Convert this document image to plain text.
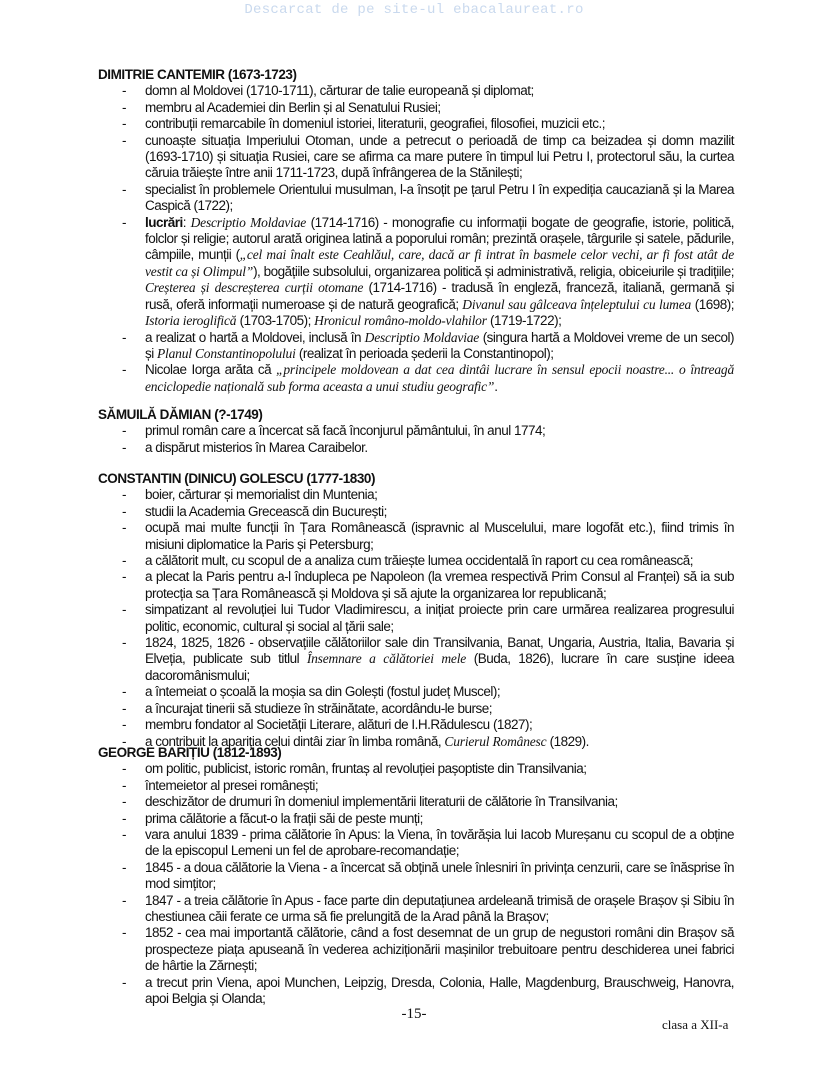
Descarcat de pe site-ul ebacalaureat.ro
DIMITRIE CANTEMIR (1673-1723)
- domn al Moldovei (1710-1711), cărturar de talie europeană și diplomat;
- membru al Academiei din Berlin și al Senatului Rusiei;
- contribuții remarcabile în domeniul istoriei, literaturii, geografiei, filosofiei, muzicii etc.;
- cunoaște situația Imperiului Otoman, unde a petrecut o perioadă de timp ca beizadea și domn mazilit (1693-1710) și situația Rusiei, care se afirma ca mare putere în timpul lui Petru I, protectorul său, la curtea căruia trăiește între anii 1711-1723, după înfrângerea de la Stănilești;
- specialist în problemele Orientului musulman, l-a însoțit pe țarul Petru I în expediția caucaziană și la Marea Caspică (1722);
- lucrări: Descriptio Moldaviae (1714-1716) - monografie cu informații bogate de geografie, istorie, politică, folclor și religie; autorul arată originea latină a poporului român; prezintă orașele, târgurile și satele, pădurile, câmpiile, munții („cel mai înalt este Ceahlăul, care, dacă ar fi intrat în basmele celor vechi, ar fi fost atât de vestit ca și Olimpul”), bogățiile subsolului, organizarea politică și administrativă, religia, obiceiurile și tradițiile; Creșterea și descreșterea curții otomane (1714-1716) - tradusă în engleză, franceză, italiană, germană și rusă, oferă informații numeroase și de natură geografică; Divanul sau gâlceava înțeleptului cu lumea (1698); Istoria ieroglifică (1703-1705); Hronicul româno-moldo-vlahilor (1719-1722);
- a realizat o hartă a Moldovei, inclusă în Descriptio Moldaviae (singura hartă a Moldovei vreme de un secol) și Planul Constantinopolului (realizat în perioada șederii la Constantinopol);
- Nicolae Iorga arăta că „principele moldovean a dat cea dintâi lucrare în sensul epocii noastre... o întreagă enciclopedie națională sub forma aceasta a unui studiu geografic”.
SĂMUILĂ DĂMIAN (?-1749)
- primul român care a încercat să facă înconjurul pământului, în anul 1774;
- a dispărut misterios în Marea Caraibelor.
CONSTANTIN (DINICU) GOLESCU (1777-1830)
- boier, cărturar și memorialist din Muntenia;
- studii la Academia Grecească din București;
- ocupă mai multe funcții în Țara Românească (ispravnic al Muscelului, mare logofăt etc.), fiind trimis în misiuni diplomatice la Paris și Petersburg;
- a călătorit mult, cu scopul de a analiza cum trăiește lumea occidentală în raport cu cea românească;
- a plecat la Paris pentru a-l îndupleca pe Napoleon (la vremea respectivă Prim Consul al Franței) să ia sub protecția sa Țara Românească și Moldova și să ajute la organizarea lor republicană;
- simpatizant al revoluției lui Tudor Vladimirescu, a inițiat proiecte prin care urmărea realizarea progresului politic, economic, cultural și social al țării sale;
- 1824, 1825, 1826 - observațiile călătoriilor sale din Transilvania, Banat, Ungaria, Austria, Italia, Bavaria și Elveția, publicate sub titlul Însemnare a călătoriei mele (Buda, 1826), lucrare în care susține ideea dacoromânismului;
- a întemeiat o școală la moșia sa din Golești (fostul județ Muscel);
- a încurajat tinerii să studieze în străinătate, acordându-le burse;
- membru fondator al Societății Literare, alături de I.H.Rădulescu (1827);
- a contribuit la apariția celui dintâi ziar în limba română, Curierul Românesc (1829).
GEORGE BARIȚIU (1812-1893)
- om politic, publicist, istoric român, fruntaș al revoluției pașoptiste din Transilvania;
- întemeietor al presei românești;
- deschizător de drumuri în domeniul implementării literaturii de călătorie în Transilvania;
- prima călătorie a făcut-o la frații săi de peste munți;
- vara anului 1839 - prima călătorie în Apus: la Viena, în tovărășia lui Iacob Mureșanu cu scopul de a obține de la episcopul Lemeni un fel de aprobare-recomandație;
- 1845 - a doua călătorie la Viena - a încercat să obțină unele înlesniri în privința cenzurii, care se înăsprise în mod simțitor;
- 1847 - a treia călătorie în Apus - face parte din deputațiunea ardeleană trimisă de orașele Brașov și Sibiu în chestiunea căii ferate ce urma să fie prelungită de la Arad până la Brașov;
- 1852 - cea mai importantă călătorie, când a fost desemnat de un grup de negustori români din Brașov să prospecteze piața apuseană în vederea achiziționării mașinilor trebuitoare pentru deschiderea unei fabrici de hârtie la Zărnești;
- a trecut prin Viena, apoi Munchen, Leipzig, Dresda, Colonia, Halle, Magdenburg, Brauschweig, Hanovra, apoi Belgia și Olanda;
-15-
clasa a XII-a
